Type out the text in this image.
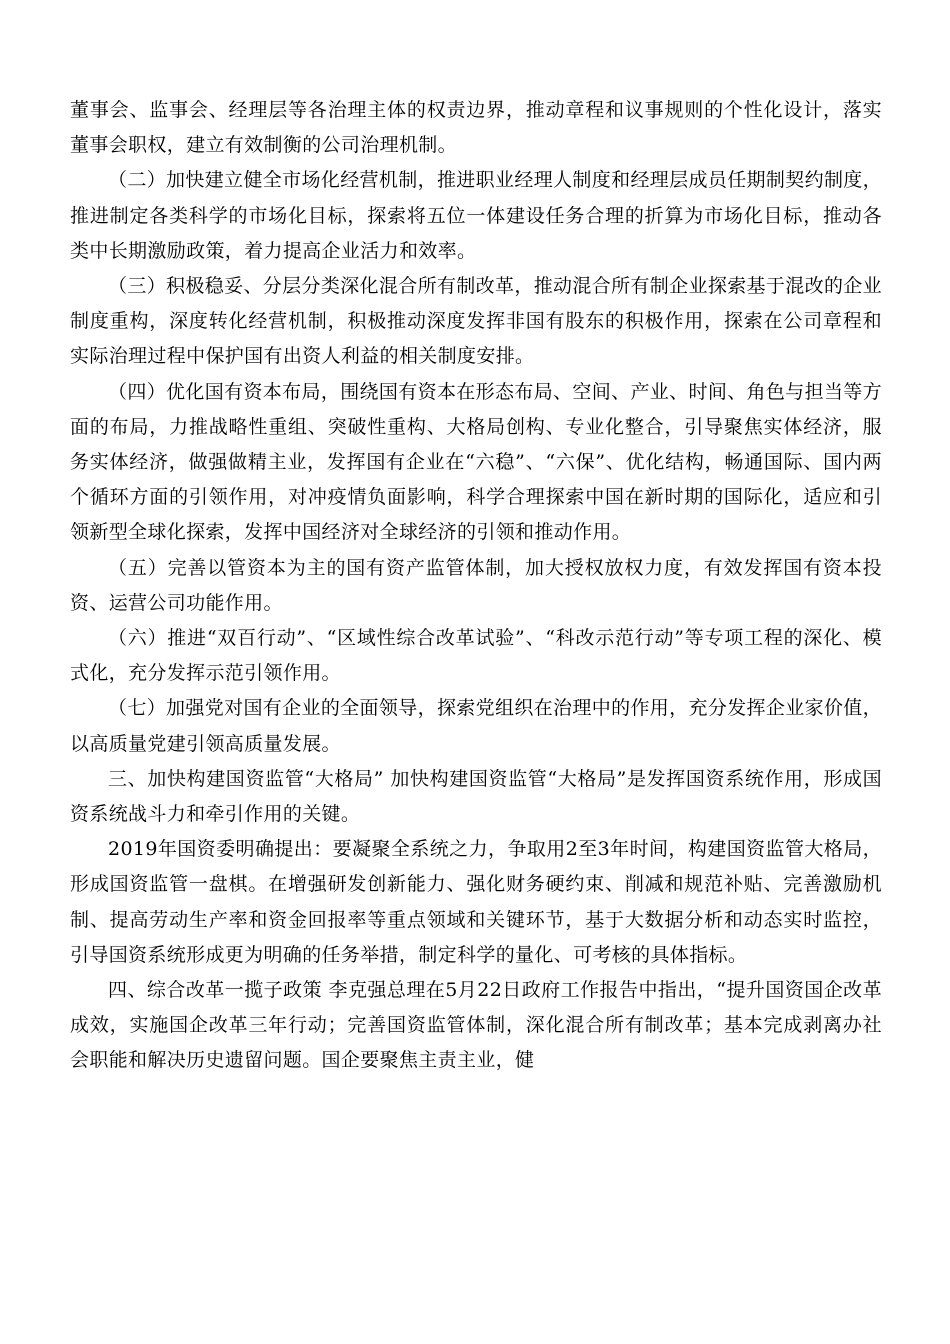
董事会、监事会、经理层等各治理主体的权责边界，推动章程和议事规则的个性化设计，落实董事会职权，建立有效制衡的公司治理机制。

（二）加快建立健全市场化经营机制，推进职业经理人制度和经理层成员任期制契约制度，推进制定各类科学的市场化目标，探索将五位一体建设任务合理的折算为市场化目标，推动各类中长期激励政策，着力提高企业活力和效率。

（三）积极稳妥、分层分类深化混合所有制改革，推动混合所有制企业探索基于混改的企业制度重构，深度转化经营机制，积极推动深度发挥非国有股东的积极作用，探索在公司章程和实际治理过程中保护国有出资人利益的相关制度安排。

（四）优化国有资本布局，围绕国有资本在形态布局、空间、产业、时间、角色与担当等方面的布局，力推战略性重组、突破性重构、大格局创构、专业化整合，引导聚焦实体经济，服务实体经济，做强做精主业，发挥国有企业在“六稳”、“六保”、优化结构，畅通国际、国内两个循环方面的引领作用，对冲疫情负面影响，科学合理探索中国在新时期的国际化，适应和引领新型全球化探索，发挥中国经济对全球经济的引领和推动作用。

（五）完善以管资本为主的国有资产监管体制，加大授权放权力度，有效发挥国有资本投资、运营公司功能作用。

（六）推进“双百行动”、“区域性综合改革试验”、“科改示范行动”等专项工程的深化、模式化，充分发挥示范引领作用。

（七）加强党对国有企业的全面领导，探索党组织在治理中的作用，充分发挥企业家价值，以高质量党建引领高质量发展。

三、加快构建国资监管“大格局” 加快构建国资监管“大格局”是发挥国资系统作用，形成国资系统战斗力和牵引作用的关键。

2019年国资委明确提出：要凝聚全系统之力，争取用2至3年时间，构建国资监管大格局，形成国资监管一盘棋。在增强研发创新能力、强化财务硬约束、削减和规范补贴、完善激励机制、提高劳动生产率和资金回报率等重点领域和关键环节，基于大数据分析和动态实时监控，引导国资系统形成更为明确的任务举措，制定科学的量化、可考核的具体指标。

四、综合改革一揽子政策 李克强总理在5月22日政府工作报告中指出，“提升国资国企改革成效，实施国企改革三年行动；完善国资监管体制，深化混合所有制改革；基本完成剥离办社会职能和解决历史遗留问题。国企要聚焦主责主业，健
